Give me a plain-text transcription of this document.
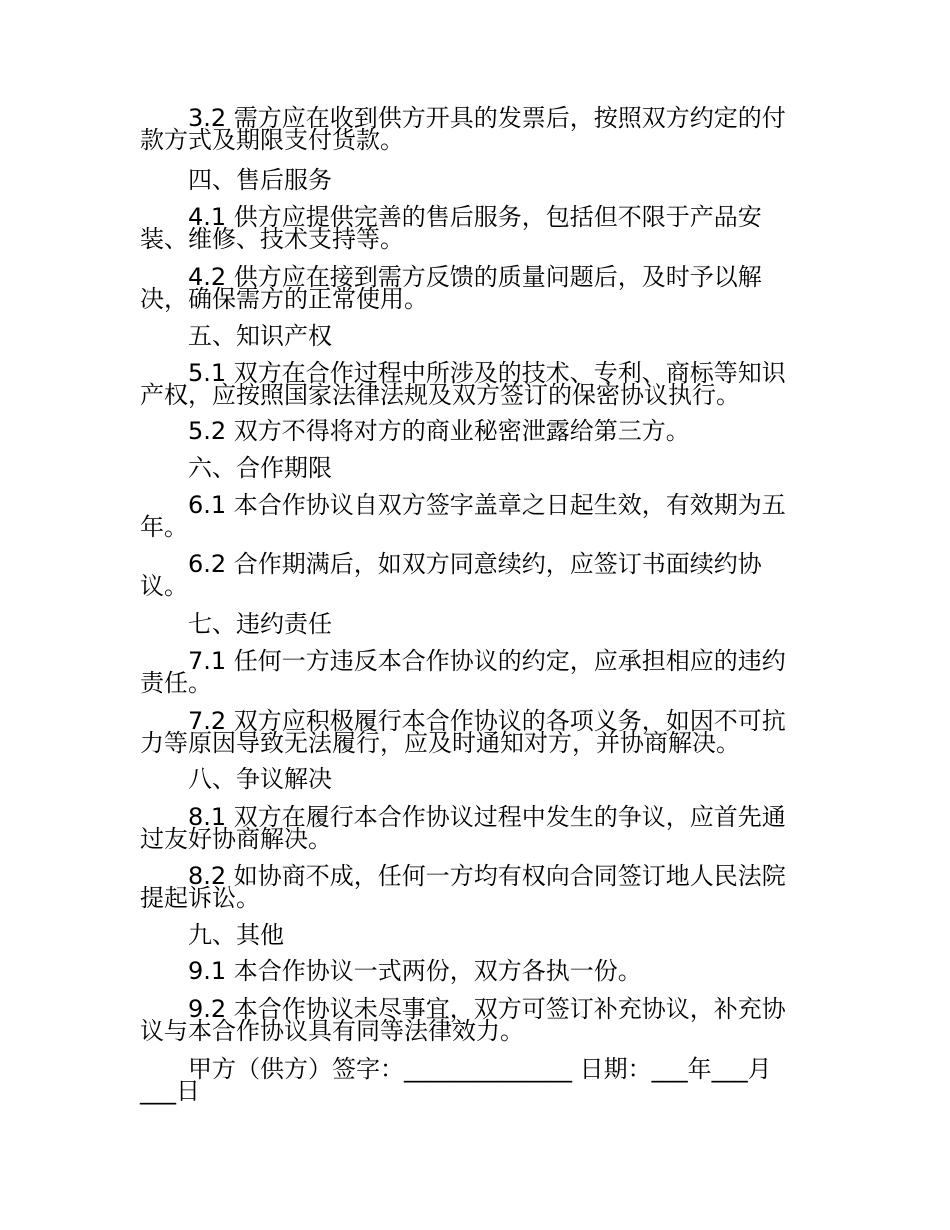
3.2 需方应在收到供方开具的发票后，按照双方约定的付款方式及期限支付货款。

四、售后服务

4.1 供方应提供完善的售后服务，包括但不限于产品安装、维修、技术支持等。

4.2 供方应在接到需方反馈的质量问题后，及时予以解决，确保需方的正常使用。

五、知识产权

5.1 双方在合作过程中所涉及的技术、专利、商标等知识产权，应按照国家法律法规及双方签订的保密协议执行。

5.2 双方不得将对方的商业秘密泄露给第三方。

六、合作期限

6.1 本合作协议自双方签字盖章之日起生效，有效期为五年。

6.2 合作期满后，如双方同意续约，应签订书面续约协议。

七、违约责任

7.1 任何一方违反本合作协议的约定，应承担相应的违约责任。

7.2 双方应积极履行本合作协议的各项义务，如因不可抗力等原因导致无法履行，应及时通知对方，并协商解决。

八、争议解决

8.1 双方在履行本合作协议过程中发生的争议，应首先通过友好协商解决。

8.2 如协商不成，任何一方均有权向合同签订地人民法院提起诉讼。

九、其他

9.1 本合作协议一式两份，双方各执一份。

9.2 本合作协议未尽事宜，双方可签订补充协议，补充协议与本合作协议具有同等法律效力。

甲方（供方）签字：______________ 日期：___年___月___日
